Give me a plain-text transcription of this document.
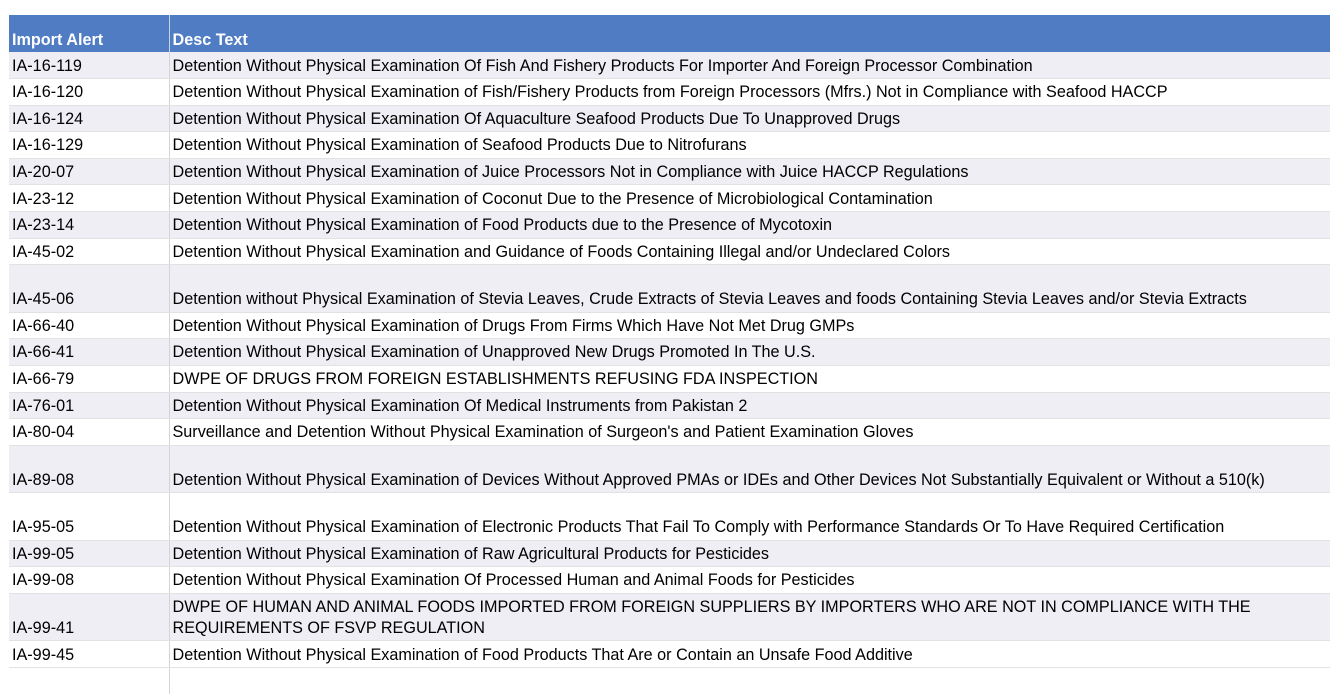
Import Alert	Desc Text
IA-16-119	Detention Without Physical Examination Of Fish And Fishery Products For Importer And Foreign Processor Combination
IA-16-120	Detention Without Physical Examination of Fish/Fishery Products from Foreign Processors (Mfrs.) Not in Compliance with Seafood HACCP
IA-16-124	Detention Without Physical Examination Of Aquaculture Seafood Products Due To Unapproved Drugs
IA-16-129	Detention Without Physical Examination of Seafood Products Due to Nitrofurans
IA-20-07	Detention Without Physical Examination of Juice Processors Not in Compliance with Juice HACCP Regulations
IA-23-12	Detention Without Physical Examination of Coconut Due to the Presence of Microbiological Contamination
IA-23-14	Detention Without Physical Examination of Food Products due to the Presence of Mycotoxin
IA-45-02	Detention Without Physical Examination and Guidance of Foods Containing Illegal and/or Undeclared Colors
IA-45-06	Detention without Physical Examination of Stevia Leaves, Crude Extracts of Stevia Leaves and foods Containing Stevia Leaves and/or Stevia Extracts
IA-66-40	Detention Without Physical Examination of Drugs From Firms Which Have Not Met Drug GMPs
IA-66-41	Detention Without Physical Examination of Unapproved New Drugs Promoted In The U.S.
IA-66-79	DWPE OF DRUGS FROM FOREIGN ESTABLISHMENTS REFUSING FDA INSPECTION
IA-76-01	Detention Without Physical Examination Of Medical Instruments from Pakistan 2
IA-80-04	Surveillance and Detention Without Physical Examination of Surgeon's and Patient Examination Gloves
IA-89-08	Detention Without Physical Examination of Devices Without Approved PMAs or IDEs and Other Devices Not Substantially Equivalent or Without a 510(k)
IA-95-05	Detention Without Physical Examination of Electronic Products That Fail To Comply with Performance Standards Or To Have Required Certification
IA-99-05	Detention Without Physical Examination of Raw Agricultural Products for Pesticides
IA-99-08	Detention Without Physical Examination Of Processed Human and Animal Foods for Pesticides
IA-99-41	DWPE OF HUMAN AND ANIMAL FOODS IMPORTED FROM FOREIGN SUPPLIERS BY IMPORTERS WHO ARE NOT IN COMPLIANCE WITH THE REQUIREMENTS OF FSVP REGULATION
IA-99-45	Detention Without Physical Examination of Food Products That Are or Contain an Unsafe Food Additive
